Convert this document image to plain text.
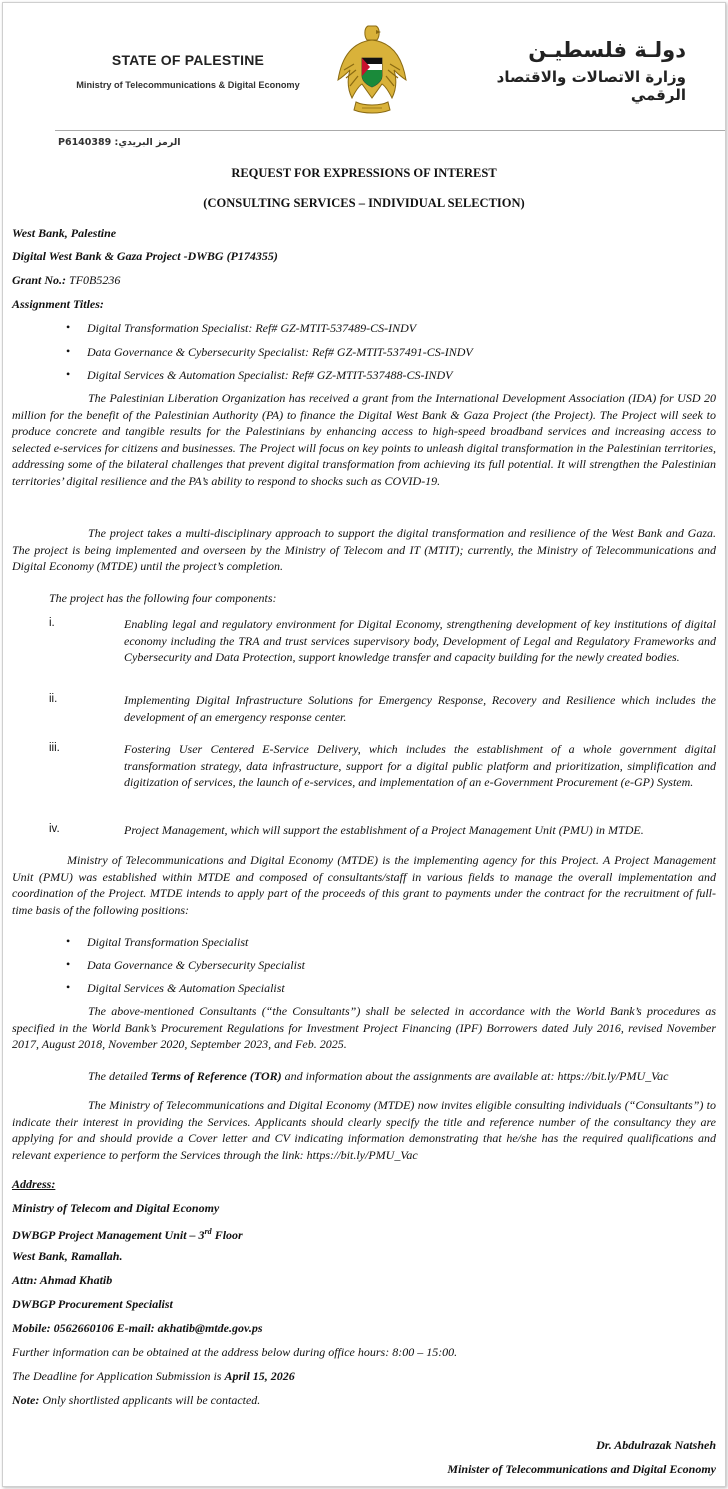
STATE OF PALESTINE
Ministry of Telecommunications & Digital Economy
دولـة فلسطيـن
وزارة الاتصالات والاقتصاد الرقمي
P6140389 :الرمز البريدي
REQUEST FOR EXPRESSIONS OF INTEREST
(CONSULTING SERVICES – INDIVIDUAL SELECTION)
West Bank, Palestine
Digital West Bank & Gaza Project -DWBG (P174355)
Grant No.: TF0B5236
Assignment Titles:
• Digital Transformation Specialist: Ref# GZ-MTIT-537489-CS-INDV
• Data Governance & Cybersecurity Specialist: Ref# GZ-MTIT-537491-CS-INDV
• Digital Services & Automation Specialist: Ref# GZ-MTIT-537488-CS-INDV
The Palestinian Liberation Organization has received a grant from the International Development Association (IDA) for USD 20 million for the benefit of the Palestinian Authority (PA) to finance the Digital West Bank & Gaza Project (the Project). The Project will seek to produce concrete and tangible results for the Palestinians by enhancing access to high-speed broadband services and increasing access to selected e-services for citizens and businesses. The Project will focus on key points to unleash digital transformation in the Palestinian territories, addressing some of the bilateral challenges that prevent digital transformation from achieving its full potential. It will strengthen the Palestinian territories’ digital resilience and the PA’s ability to respond to shocks such as COVID-19.
The project takes a multi-disciplinary approach to support the digital transformation and resilience of the West Bank and Gaza. The project is being implemented and overseen by the Ministry of Telecom and IT (MTIT); currently, the Ministry of Telecommunications and Digital Economy (MTDE) until the project’s completion.
The project has the following four components:
i.	Enabling legal and regulatory environment for Digital Economy, strengthening development of key institutions of digital economy including the TRA and trust services supervisory body, Development of Legal and Regulatory Frameworks and Cybersecurity and Data Protection, support knowledge transfer and capacity building for the newly created bodies.
ii.	Implementing Digital Infrastructure Solutions for Emergency Response, Recovery and Resilience which includes the development of an emergency response center.
iii.	Fostering User Centered E-Service Delivery, which includes the establishment of a whole government digital transformation strategy, data infrastructure, support for a digital public platform and prioritization, simplification and digitization of services, the launch of e-services, and implementation of an e-Government Procurement (e-GP) System.
iv.	Project Management, which will support the establishment of a Project Management Unit (PMU) in MTDE.
Ministry of Telecommunications and Digital Economy (MTDE) is the implementing agency for this Project. A Project Management Unit (PMU) was established within MTDE and composed of consultants/staff in various fields to manage the overall implementation and coordination of the Project. MTDE intends to apply part of the proceeds of this grant to payments under the contract for the recruitment of full-time basis of the following positions:
• Digital Transformation Specialist
• Data Governance & Cybersecurity Specialist
• Digital Services & Automation Specialist
The above-mentioned Consultants (“the Consultants”) shall be selected in accordance with the World Bank’s procedures as specified in the World Bank’s Procurement Regulations for Investment Project Financing (IPF) Borrowers dated July 2016, revised November 2017, August 2018, November 2020, September 2023, and Feb. 2025.
The detailed Terms of Reference (TOR) and information about the assignments are available at: https://bit.ly/PMU_Vac
The Ministry of Telecommunications and Digital Economy (MTDE) now invites eligible consulting individuals (“Consultants”) to indicate their interest in providing the Services. Applicants should clearly specify the title and reference number of the consultancy they are applying for and should provide a Cover letter and CV indicating information demonstrating that he/she has the required qualifications and relevant experience to perform the Services through the link: https://bit.ly/PMU_Vac
Address:
Ministry of Telecom and Digital Economy
DWBGP Project Management Unit – 3rd Floor
West Bank, Ramallah.
Attn: Ahmad Khatib
DWBGP Procurement Specialist
Mobile: 0562660106 E-mail: akhatib@mtde.gov.ps
Further information can be obtained at the address below during office hours: 8:00 – 15:00.
The Deadline for Application Submission is April 15, 2026
Note: Only shortlisted applicants will be contacted.
Dr. Abdulrazak Natsheh
Minister of Telecommunications and Digital Economy
